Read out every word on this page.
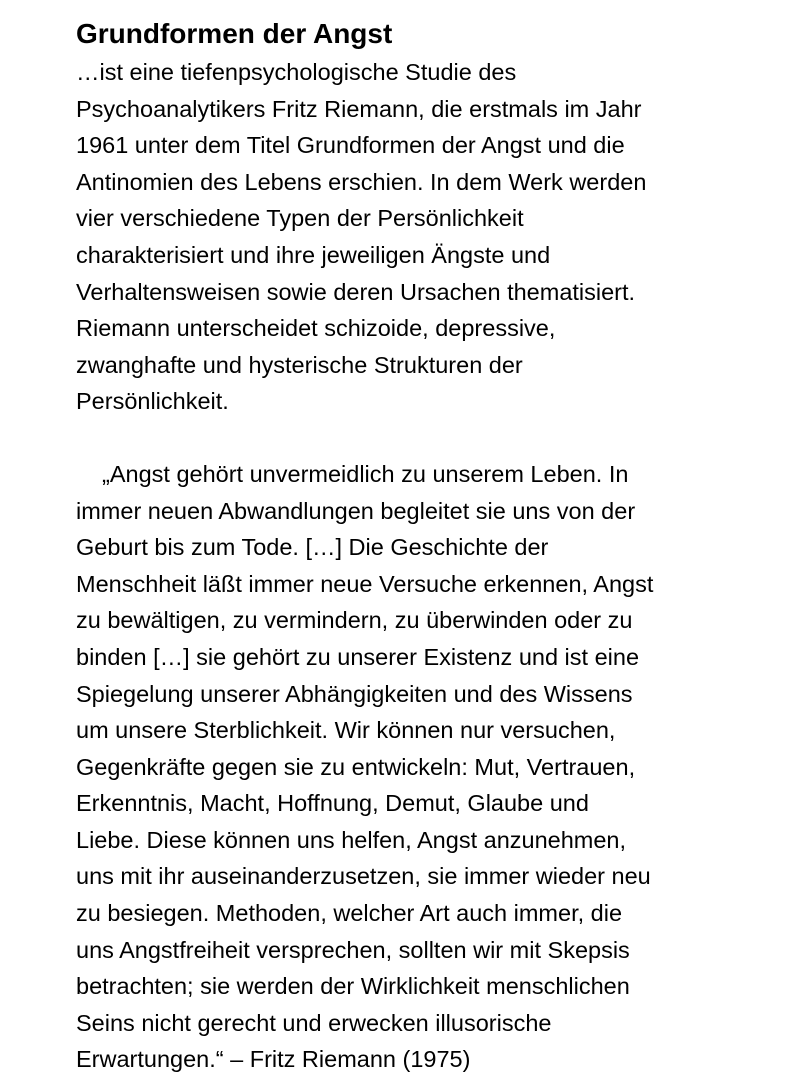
Grundformen der Angst
…ist eine tiefenpsychologische Studie des
Psychoanalytikers Fritz Riemann, die erstmals im Jahr
1961 unter dem Titel Grundformen der Angst und die
Antinomien des Lebens erschien. In dem Werk werden
vier verschiedene Typen der Persönlichkeit
charakterisiert und ihre jeweiligen Ängste und
Verhaltensweisen sowie deren Ursachen thematisiert.
Riemann unterscheidet schizoide, depressive,
zwanghafte und hysterische Strukturen der
Persönlichkeit.
„Angst gehört unvermeidlich zu unserem Leben. In
immer neuen Abwandlungen begleitet sie uns von der
Geburt bis zum Tode. […] Die Geschichte der
Menschheit läßt immer neue Versuche erkennen, Angst
zu bewältigen, zu vermindern, zu überwinden oder zu
binden […] sie gehört zu unserer Existenz und ist eine
Spiegelung unserer Abhängigkeiten und des Wissens
um unsere Sterblichkeit. Wir können nur versuchen,
Gegenkräfte gegen sie zu entwickeln: Mut, Vertrauen,
Erkenntnis, Macht, Hoffnung, Demut, Glaube und
Liebe. Diese können uns helfen, Angst anzunehmen,
uns mit ihr auseinanderzusetzen, sie immer wieder neu
zu besiegen. Methoden, welcher Art auch immer, die
uns Angstfreiheit versprechen, sollten wir mit Skepsis
betrachten; sie werden der Wirklichkeit menschlichen
Seins nicht gerecht und erwecken illusorische
Erwartungen.“ – Fritz Riemann (1975)
